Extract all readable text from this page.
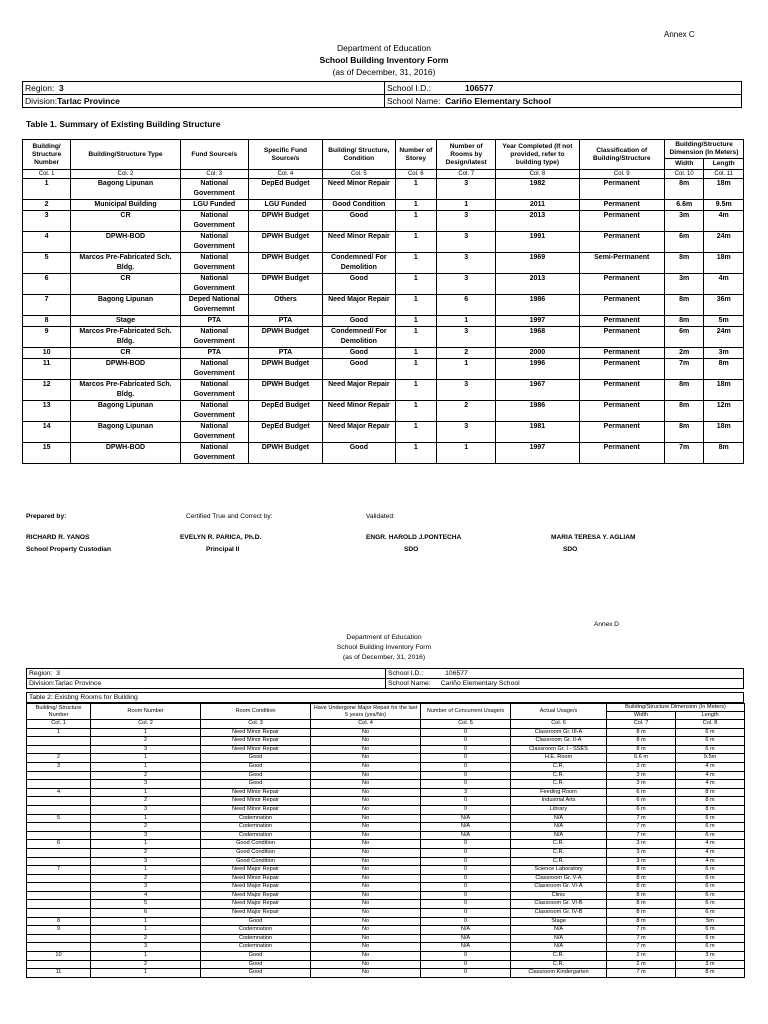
Annex C
Department of Education
School Building Inventory Form
(as of December, 31, 2016)
Region: 3	School I.D.: 106577
Division:Tarlac Province	School Name: Cariño Elementary School
Table 1. Summary of Existing Building Structure
Building/ Structure Number	Building/Structure Type	Fund Source/s	Specific Fund Source/s	Building/ Structure, Condition	Number of Storey	Number of Rooms by Design/latest	Year Completed (If not provided, refer to building type)	Classification of Building/Structure	Building/Structure Dimension (In Meters)	
									Width	Length
Col. 1	Col. 2	Col. 3	Col. 4	Col. 5	Col. 6	Col. 7	Col. 8	Col. 9	Col. 10	Col. 11
1	Bagong Lipunan	National Government	DepEd Budget	Need Minor Repair	1	3	1982	Permanent	8m	18m
2	Municipal Building	LGU Funded	LGU Funded	Good Condition	1	1	2011	Permanent	6.6m	9.5m
3	CR	National Government	DPWH Budget	Good	1	3	2013	Permanent	3m	4m
4	DPWH-BOD	National Government	DPWH Budget	Need Minor Repair	1	3	1991	Permanent	6m	24m
5	Marcos Pre-Fabricated Sch. Bldg.	National Government	DPWH Budget	Condemned/ For Demolition	1	3	1969	Semi-Permanent	8m	18m
6	CR	National Government	DPWH Budget	Good	1	3	2013	Permanent	3m	4m
7	Bagong Lipunan	Deped National Governemnt	Others	Need Major Repair	1	6	1986	Permanent	8m	36m
8	Stage	PTA	PTA	Good	1	1	1997	Permanent	8m	5m
9	Marcos Pre-Fabricated Sch. Bldg.	National Government	DPWH Budget	Condemned/ For Demolition	1	3	1968	Permanent	6m	24m
10	CR	PTA	PTA	Good	1	2	2000	Permanent	2m	3m
11	DPWH-BOD	National Government	DPWH Budget	Good	1	1	1996	Permanent	7m	8m
12	Marcos Pre-Fabricated Sch. Bldg.	National Government	DPWH Budget	Need Major Repair	1	3	1967	Permanent	8m	18m
13	Bagong Lipunan	National Government	DepEd Budget	Need Minor Repair	1	2	1986	Permanent	8m	12m
14	Bagong Lipunan	National Government	DepEd Budget	Need Major Repair	1	3	1981	Permanent	8m	18m
15	DPWH-BOD	National Government	DPWH Budget	Good	1	1	1997	Permanent	7m	8m
Prepared by:	Certified True and Correct by:	Validated:
RICHARD R. YANOS
School Property Custodian
EVELYN R. PARICA, Ph.D.
Principal II
ENGR. HAROLD J.PONTECHA
SDO
MARIA TERESA Y. AGLIAM
SDO
Annex D
Department of Education
School Building Inventory Form
(as of December, 31, 2016)
Region: 3	School I.D.: 106577
Division:Tarlac Province	School Name: Cariño Elementary School
Table 2: Existing Rooms for Building
Building/ Structure Number	Room Number	Room Condition	Have Undergone Major Repair for the last 5 years (yes/No)	Number of Concurrent Usage/s	Actual Usage/s	Building/Structure Dimension (In Meters)	
						Width	Length
Col. 1	Col. 2	Col. 3	Col. 4	Col. 5	Col. 6	Col. 7	Col. 8
1	1	Need Minor Repair	No	0	Classroom Gr. III-A	8 m	6 m
	2	Need Minor Repair	No	0	Classroom Gr. II-A	8 m	6 m
	3	Need Minor Repair	No	0	Classroom Gr. I - SSES	8 m	6 m
2	1	Good	No	0	H.E. Room	6.6 m	9.5m
3	1	Good	No	0	C.R.	3 m	4 m
	2	Good	No	0	C.R.	3 m	4 m
	3	Good	No	0	C.R.	3 m	4 m
4	1	Need Minor Repair	No	3	Feeding Room	6 m	8 m
	2	Need Minor Repair	No	0	Industrial Arts	6 m	8 m
	3	Need Minor Repair	No	0	Library	6 m	8 m
5	1	Codemnation	No	N/A	N/A	7 m	6 m
	2	Codemnation	No	N/A	N/A	7 m	6 m
	3	Codemnation	No	N/A	N/A	7 m	6 m
6	1	Good Condition	No	0	C.R.	3 m	4 m
	2	Good Condition	No	0	C.R.	3 m	4 m
	3	Good Condition	No	0	C.R.	3 m	4 m
7	1	Need Major Repair	No	0	Science Laboratory	8 m	6 m
	2	Need Minor Repair	No	0	Classroom Gr. V-A	8 m	6 m
	3	Need Major Repair	No	0	Classroom Gr. VI-A	8 m	6 m
	4	Need Major Repair	No	0	Clinic	8 m	6 m
	5	Need Major Repair	No	0	Classroom Gr. VI-B	8 m	6 m
	6	Need Major Repair	No	0	Classroom Gr. IV-B	8 m	6 m
8	1	Good	No	0	Stage	8 m	5m
9	1	Codemnation	No	N/A	N/A	7 m	6 m
	2	Codemnation	No	N/A	N/A	7 m	6 m
	3	Codemnation	No	N/A	N/A	7 m	6 m
10	1	Good	No	0	C.R.	2 m	3 m
	2	Good	No	0	C.R.	2 m	3 m
11	1	Good	No	0	Classroom Kindergarten	7 m	8 m
